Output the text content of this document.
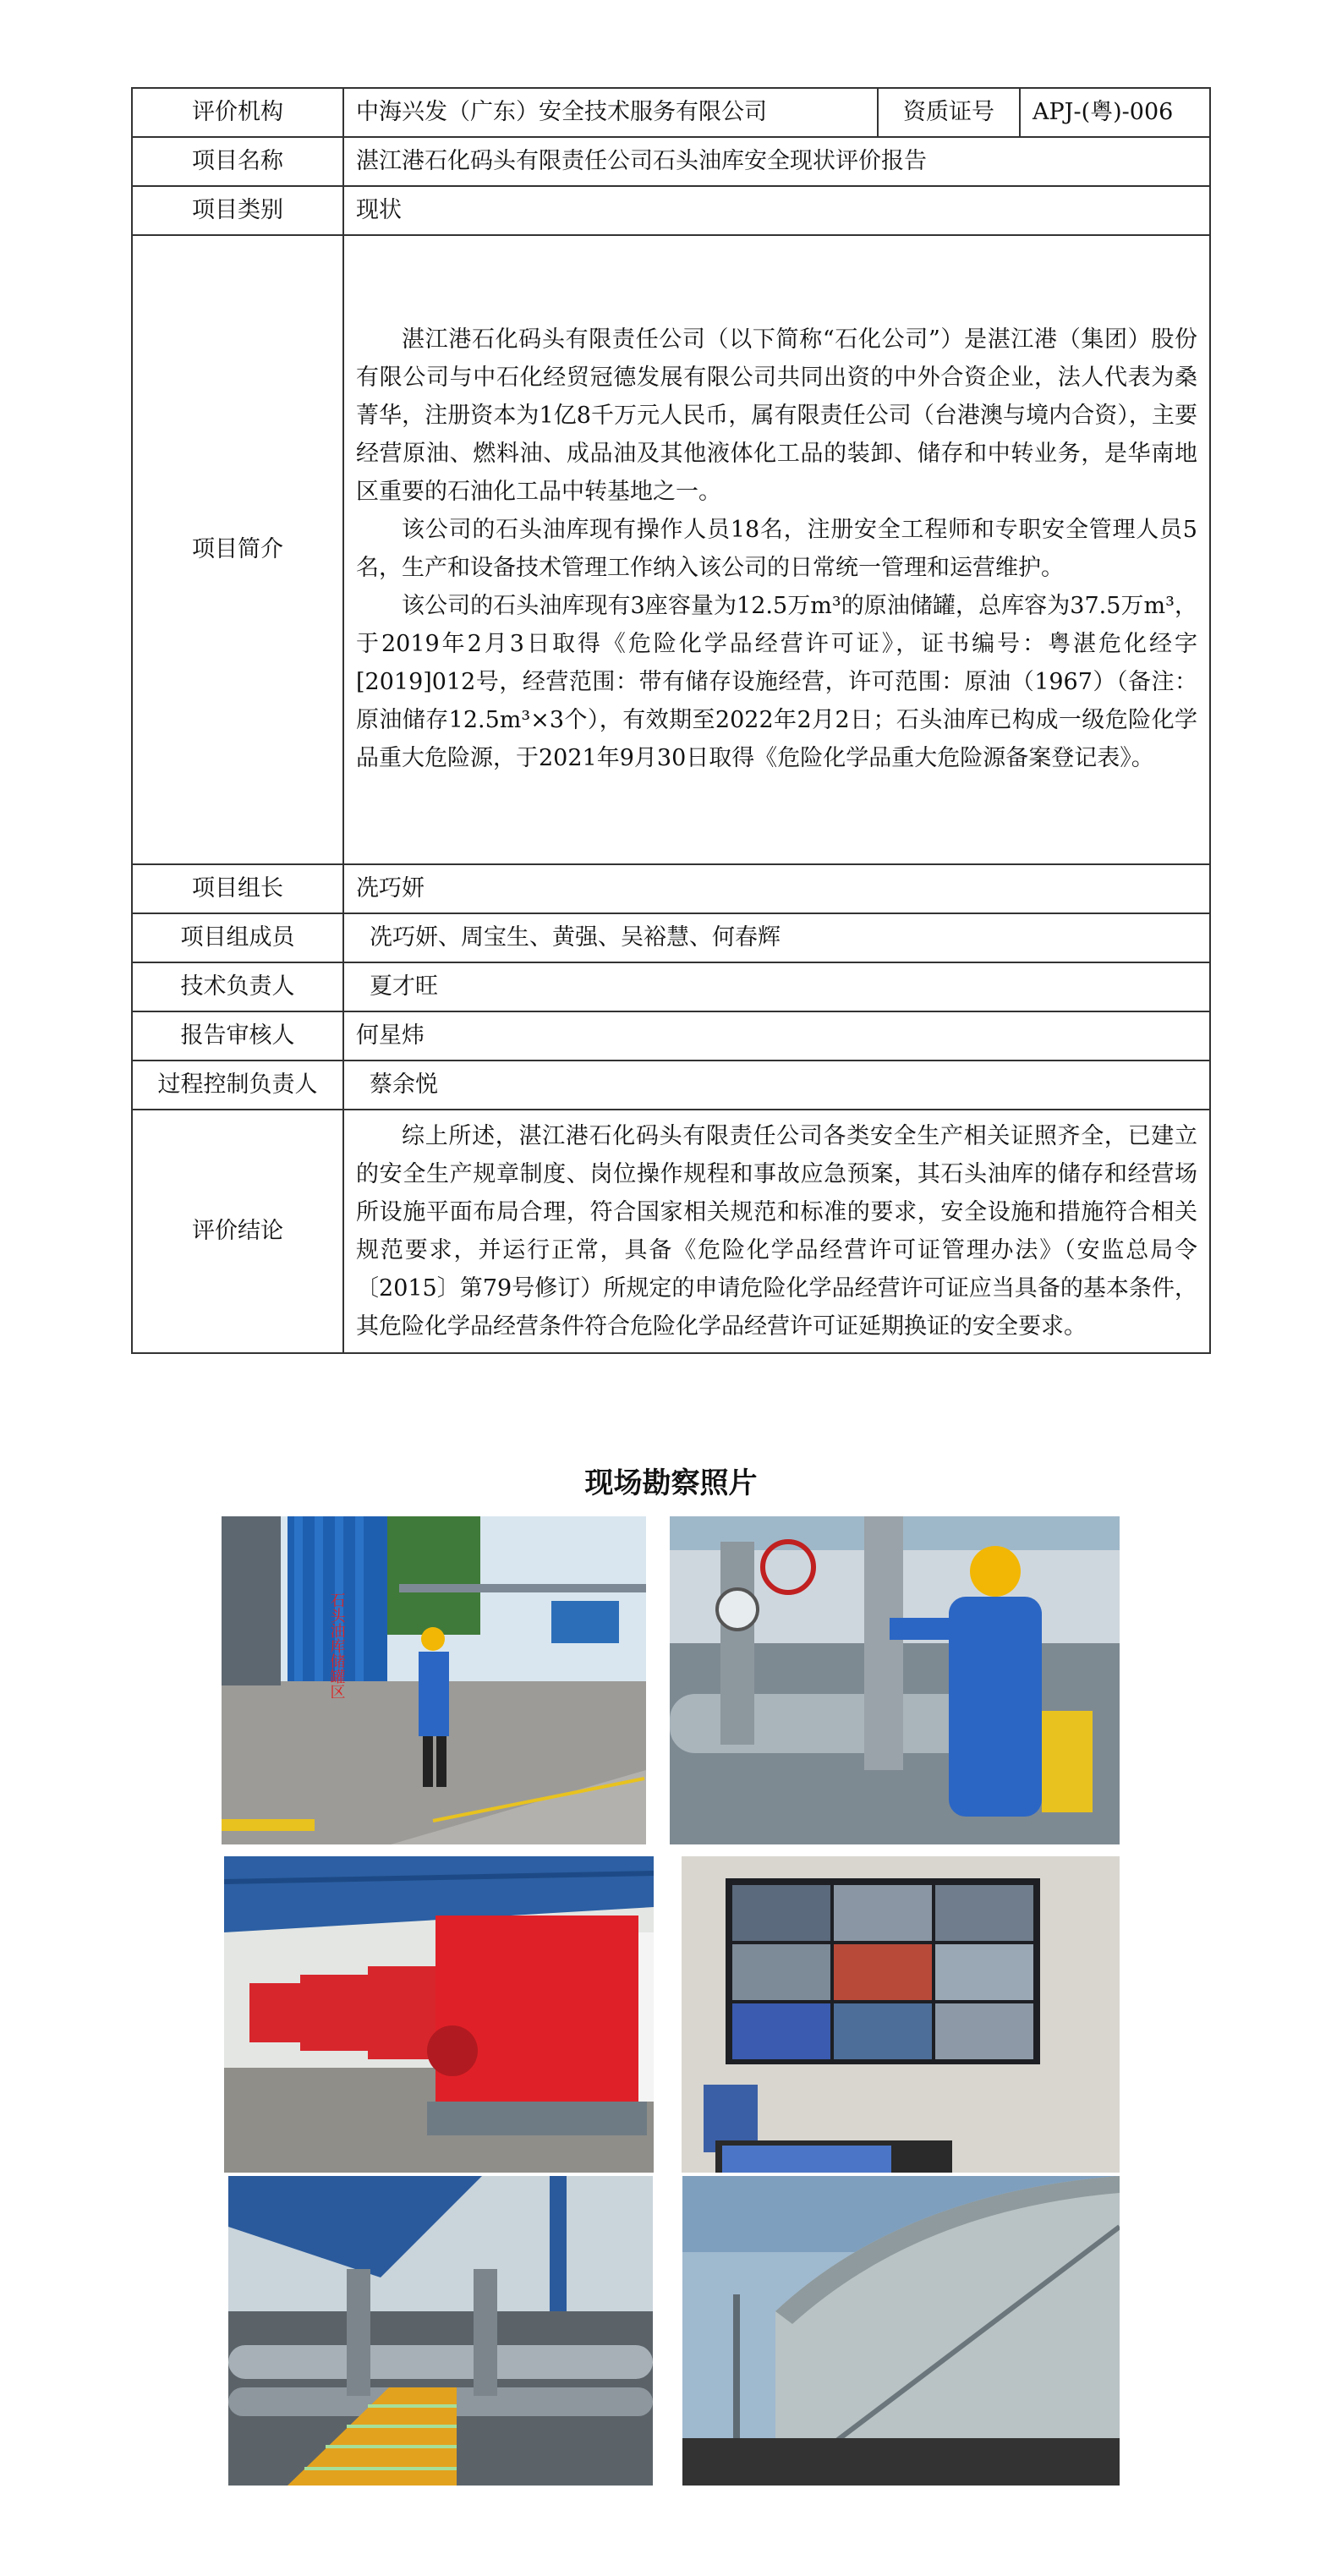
评价机构	中海兴发（广东）安全技术服务有限公司	资质证号	APJ-(粤)-006
项目名称	湛江港石化码头有限责任公司石头油库安全现状评价报告		
项目类别	现状		
项目简介	湛江港石化码头有限责任公司（以下简称“石化公司”）是湛江港（集团）股份有限公司与中石化经贸冠德发展有限公司共同出资的中外合资企业，法人代表为桑菁华，注册资本为1亿8千万元人民币，属有限责任公司（台港澳与境内合资），主要经营原油、燃料油、成品油及其他液体化工品的装卸、储存和中转业务，是华南地区重要的石油化工品中转基地之一。

该公司的石头油库现有操作人员18名，注册安全工程师和专职安全管理人员5名，生产和设备技术管理工作纳入该公司的日常统一管理和运营维护。

该公司的石头油库现有3座容量为12.5万m³的原油储罐，总库容为37.5万m³，于2019年2月3日取得《危险化学品经营许可证》，证书编号：粤湛危化经字[2019]012号，经营范围：带有储存设施经营，许可范围：原油（1967）（备注：原油储存12.5m³×3个），有效期至2022年2月2日；石头油库已构成一级危险化学品重大危险源，于2021年9月30日取得《危险化学品重大危险源备案登记表》。		

项目组长	冼巧妍		
项目组成员	冼巧妍、周宝生、黄强、吴裕慧、何春辉		
技术负责人	夏才旺		
报告审核人	何星炜		
过程控制负责人	蔡余悦		
评价结论	综上所述，湛江港石化码头有限责任公司各类安全生产相关证照齐全，已建立的安全生产规章制度、岗位操作规程和事故应急预案，其石头油库的储存和经营场所设施平面布局合理，符合国家相关规范和标准的要求，安全设施和措施符合相关规范要求，并运行正常，具备《危险化学品经营许可证管理办法》（安监总局令〔2015〕第79号修订）所规定的申请危险化学品经营许可证应当具备的基本条件，其危险化学品经营条件符合危险化学品经营许可证延期换证的安全要求。		

现场勘察照片
石头油库储罐区
